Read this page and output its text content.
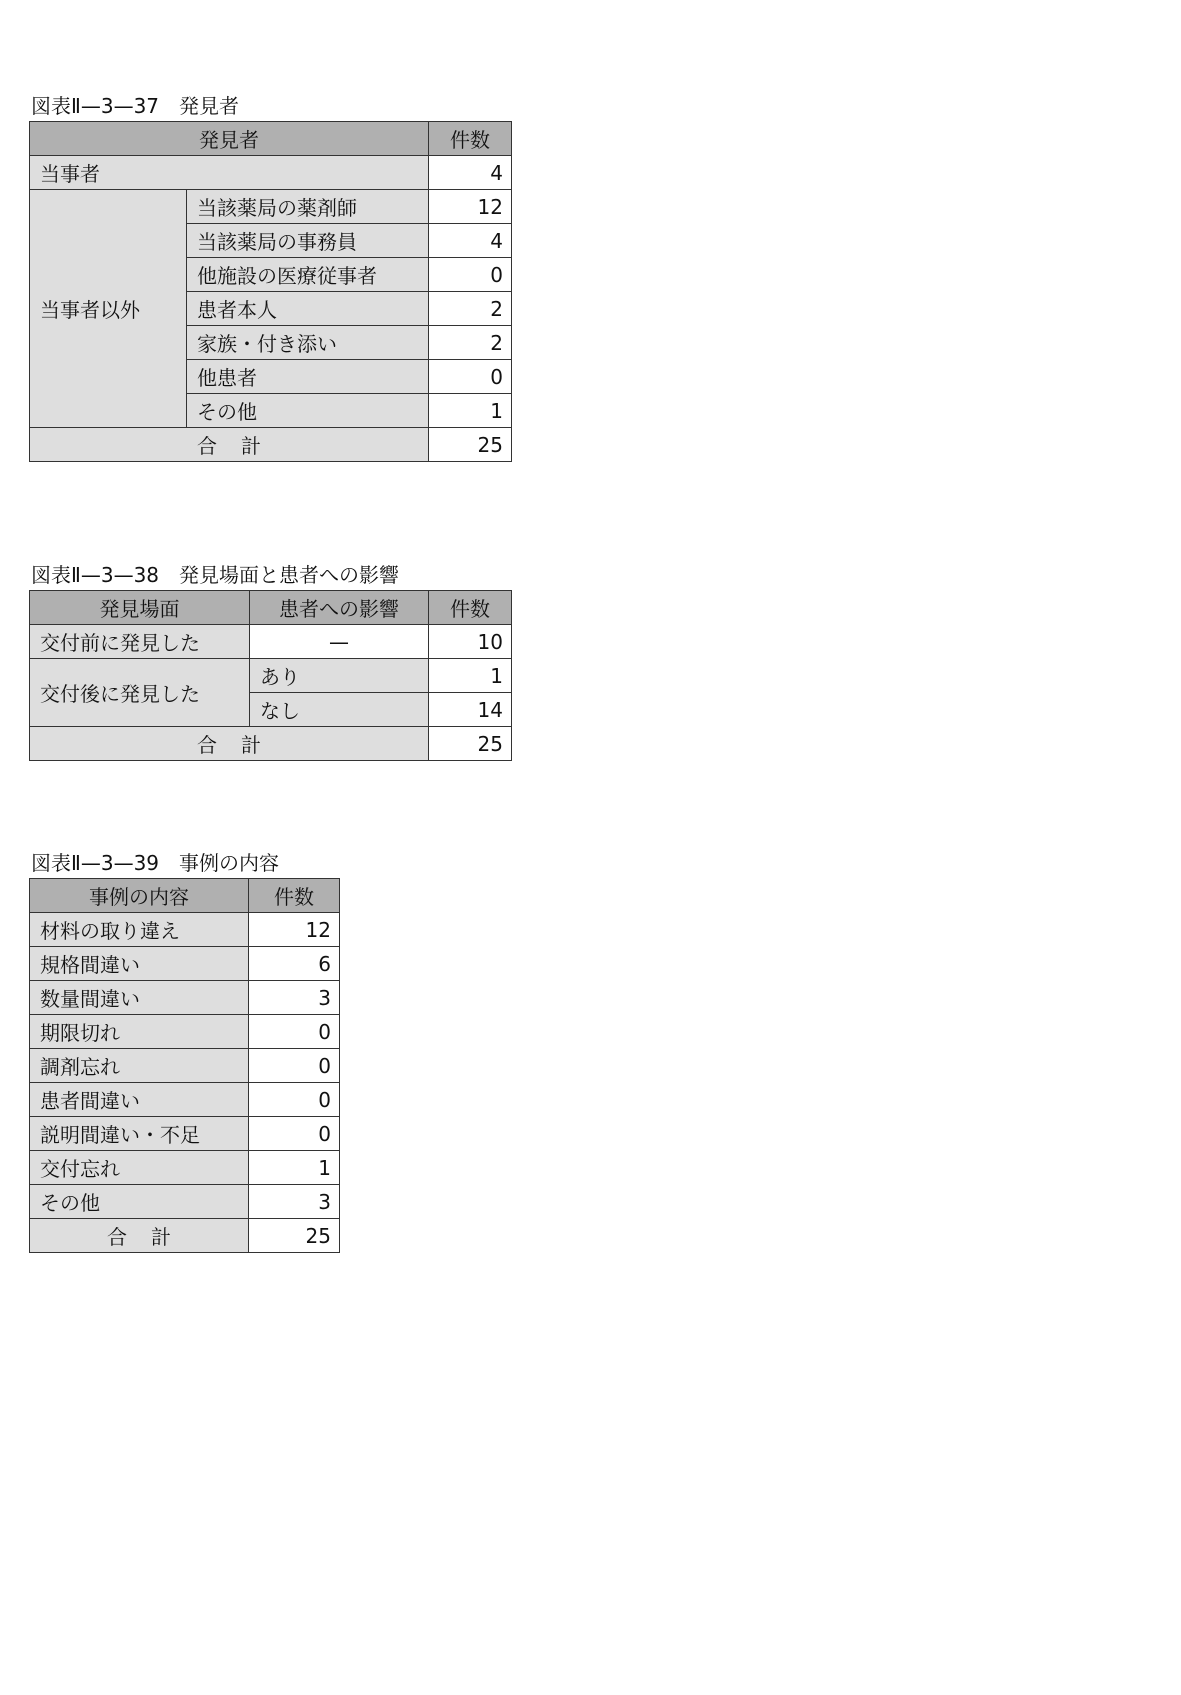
図表Ⅱ—3—37　発見者
発見者		件数
当事者		4
当事者以外	当該薬局の薬剤師	12
	当該薬局の事務員	4
	他施設の医療従事者	0
	患者本人	2
	家族・付き添い	2
	他患者	0
	その他	1
合 計		25
図表Ⅱ—3—38　発見場面と患者への影響
発見場面	患者への影響	件数
交付前に発見した	—	10
交付後に発見した	あり	1
	なし	14
合 計		25
図表Ⅱ—3—39　事例の内容
事例の内容	件数
材料の取り違え	12
規格間違い	6
数量間違い	3
期限切れ	0
調剤忘れ	0
患者間違い	0
説明間違い・不足	0
交付忘れ	1
その他	3
合 計	25
